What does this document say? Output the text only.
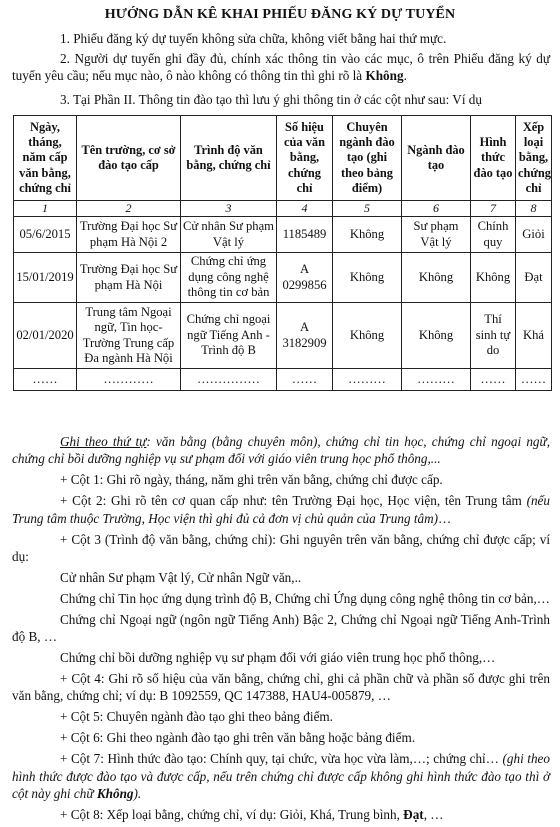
HƯỚNG DẪN KÊ KHAI PHIẾU ĐĂNG KÝ DỰ TUYỂN

1. Phiếu đăng ký dự tuyển không sửa chữa, không viết bằng hai thứ mực.

2. Người dự tuyển ghi đầy đủ, chính xác thông tin vào các mục, ô trên Phiếu đăng ký dự tuyển yêu cầu; nếu mục nào, ô nào không có thông tin thì ghi rõ là Không.

3. Tại Phần II. Thông tin đào tạo thì lưu ý ghi thông tin ở các cột như sau: Ví dụ

Ngày, tháng, năm cấp văn bằng, chứng chỉ	Tên trường, cơ sở đào tạo cấp	Trình độ văn bằng, chứng chỉ	Số hiệu của văn bằng, chứng chỉ	Chuyên ngành đào tạo (ghi theo bảng điểm)	Ngành đào tạo	Hình thức đào tạo	Xếp loại bằng, chứng chỉ
1	2	3	4	5	6	7	8
05/6/2015	Trường Đại học Sư phạm Hà Nội 2	Cử nhân Sư phạm Vật lý	1185489	Không	Sư phạm Vật lý	Chính quy	Giỏi
15/01/2019	Trường Đại học Sư phạm Hà Nội	Chứng chỉ ứng dụng công nghệ thông tin cơ bản	A 0299856	Không	Không	Không	Đạt
02/01/2020	Trung tâm Ngoại ngữ, Tin học-Trường Trung cấp Đa ngành Hà Nội	Chứng chỉ ngoại ngữ Tiếng Anh - Trình độ B	A 3182909	Không	Không	Thí sinh tự do	Khá
……	…………	……………	……	………	………	……	……

Ghi theo thứ tự: văn bằng (bằng chuyên môn), chứng chỉ tin học, chứng chỉ ngoại ngữ, chứng chỉ bồi dưỡng nghiệp vụ sư phạm đối với giáo viên trung học phổ thông,...

+ Cột 1: Ghi rõ ngày, tháng, năm ghi trên văn bằng, chứng chỉ được cấp.

+ Cột 2: Ghi rõ tên cơ quan cấp như: tên Trường Đại học, Học viện, tên Trung tâm (nếu Trung tâm thuộc Trường, Học viện thì ghi đủ cả đơn vị chủ quản của Trung tâm)…

+ Cột 3 (Trình độ văn bằng, chứng chỉ): Ghi nguyên trên văn bằng, chứng chỉ được cấp; ví dụ:

Cử nhân Sư phạm Vật lý, Cử nhân Ngữ văn,..

Chứng chỉ Tin học ứng dụng trình độ B, Chứng chỉ Ứng dụng công nghệ thông tin cơ bản,…

Chứng chỉ Ngoại ngữ (ngôn ngữ Tiếng Anh) Bậc 2, Chứng chỉ Ngoại ngữ Tiếng Anh-Trình độ B, …

Chứng chỉ bồi dưỡng nghiệp vụ sư phạm đối với giáo viên trung học phổ thông,…

+ Cột 4: Ghi rõ số hiệu của văn bằng, chứng chỉ, ghi cả phần chữ và phần số được ghi trên văn bằng, chứng chỉ; ví dụ: B 1092559, QC 147388, HAU4-005879, …

+ Cột 5: Chuyên ngành đào tạo ghi theo bảng điểm.

+ Cột 6: Ghi theo ngành đào tạo ghi trên văn bằng hoặc bảng điểm.

+ Cột 7: Hình thức đào tạo: Chính quy, tại chức, vừa học vừa làm,…; chứng chỉ… (ghi theo hình thức được đào tạo và được cấp, nếu trên chứng chỉ được cấp không ghi hình thức đào tạo thì ở cột này ghi chữ Không).

+ Cột 8: Xếp loại bằng, chứng chỉ, ví dụ: Giỏi, Khá, Trung bình, Đạt, …
